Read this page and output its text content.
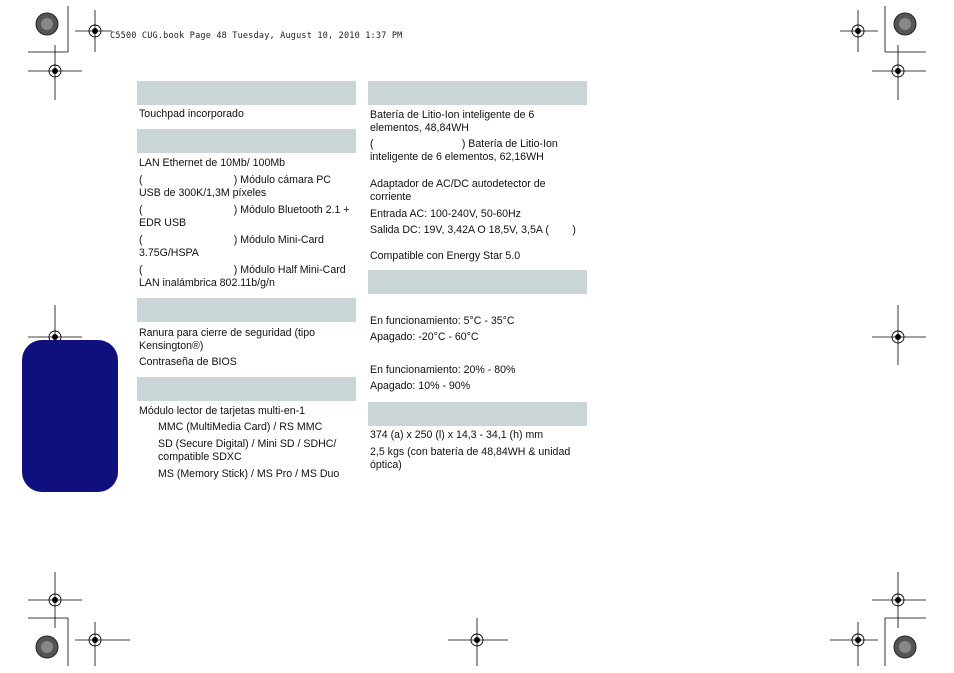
C5500 CUG.book Page 48 Tuesday, August 10, 2010 1:37 PM
Touchpad incorporado
LAN Ethernet de 10Mb/ 100Mb
(                               ) Módulo cámara PC
USB de 300K/1,3M píxeles
(                               ) Módulo Bluetooth 2.1 +
EDR USB
(                               ) Módulo Mini-Card
3.75G/HSPA
(                               ) Módulo Half Mini-Card
LAN inalámbrica 802.11b/g/n
Ranura para cierre de seguridad (tipo
Kensington®)
Contraseña de BIOS
Módulo lector de tarjetas multi-en-1
MMC (MultiMedia Card) / RS MMC
SD (Secure Digital) / Mini SD / SDHC/
compatible SDXC
MS (Memory Stick) / MS Pro / MS Duo
Batería de Litio-Ion inteligente de 6
elementos, 48,84WH
(                              ) Batería de Litio-Ion
inteligente de 6 elementos, 62,16WH
Adaptador de AC/DC autodetector de
corriente
Entrada AC: 100-240V, 50-60Hz
Salida DC: 19V, 3,42A O 18,5V, 3,5A (        )
Compatible con Energy Star 5.0
En funcionamiento: 5°C - 35°C
Apagado: -20°C - 60°C
En funcionamiento: 20% - 80%
Apagado: 10% - 90%
374 (a) x 250 (l) x 14,3 - 34,1 (h) mm
2,5 kgs (con batería de 48,84WH & unidad
óptica)
